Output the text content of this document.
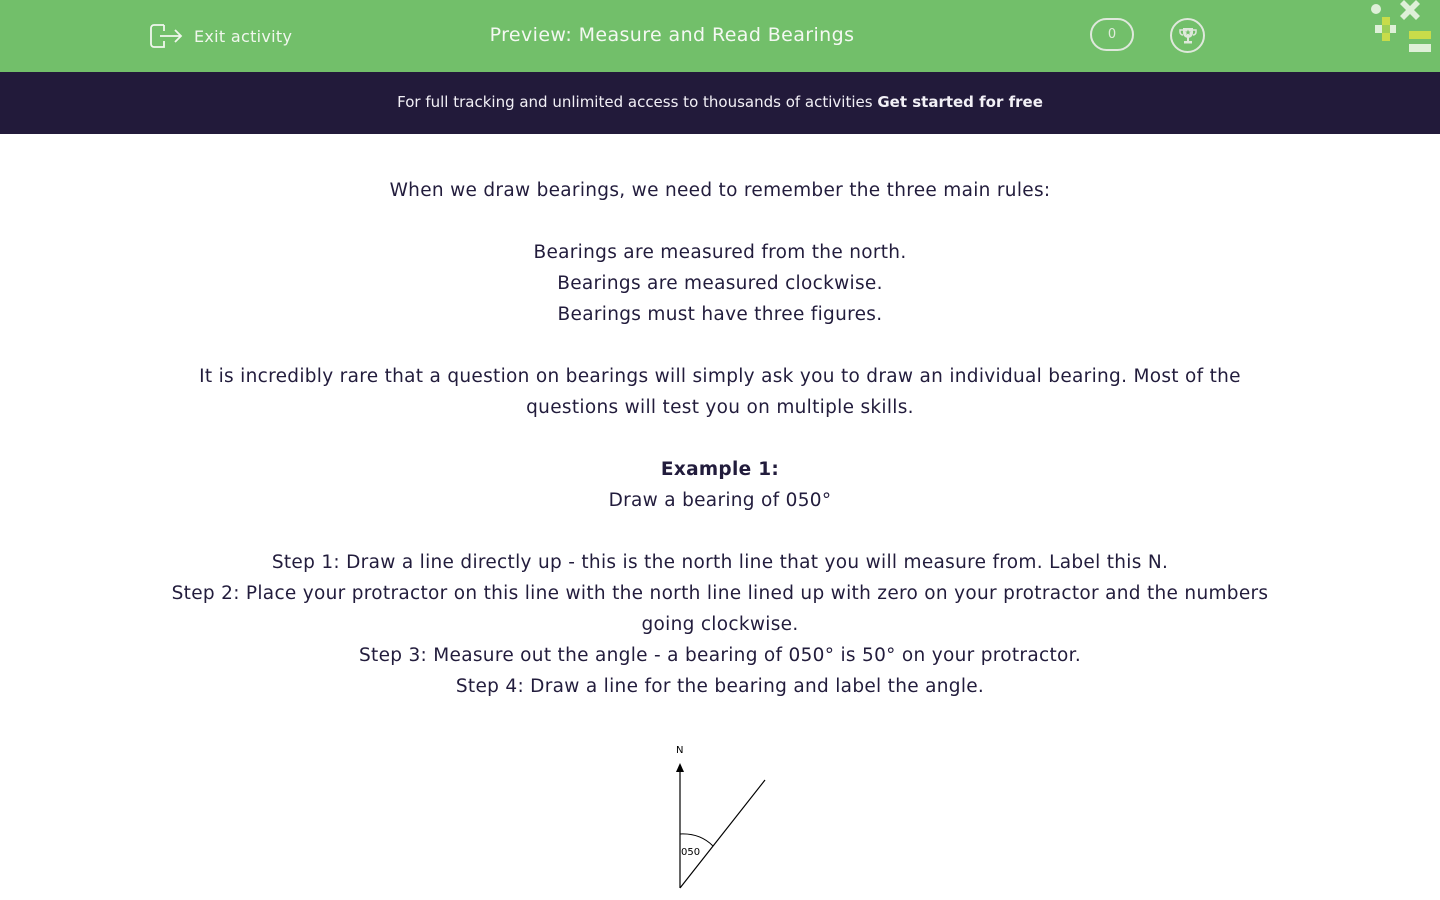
Exit activity	Preview: Measure and Read Bearings	0
For full tracking and unlimited access to thousands of activities Get started for free

When we draw bearings, we need to remember the three main rules:

Bearings are measured from the north.

Bearings are measured clockwise.

Bearings must have three figures.

It is incredibly rare that a question on bearings will simply ask you to draw an individual bearing. Most of the questions will test you on multiple skills.

Example 1:

Draw a bearing of 050°

Step 1: Draw a line directly up - this is the north line that you will measure from. Label this N.

Step 2: Place your protractor on this line with the north line lined up with zero on your protractor and the numbers going clockwise.

Step 3: Measure out the angle - a bearing of 050° is 50° on your protractor.

Step 4: Draw a line for the bearing and label the angle.

N
050
